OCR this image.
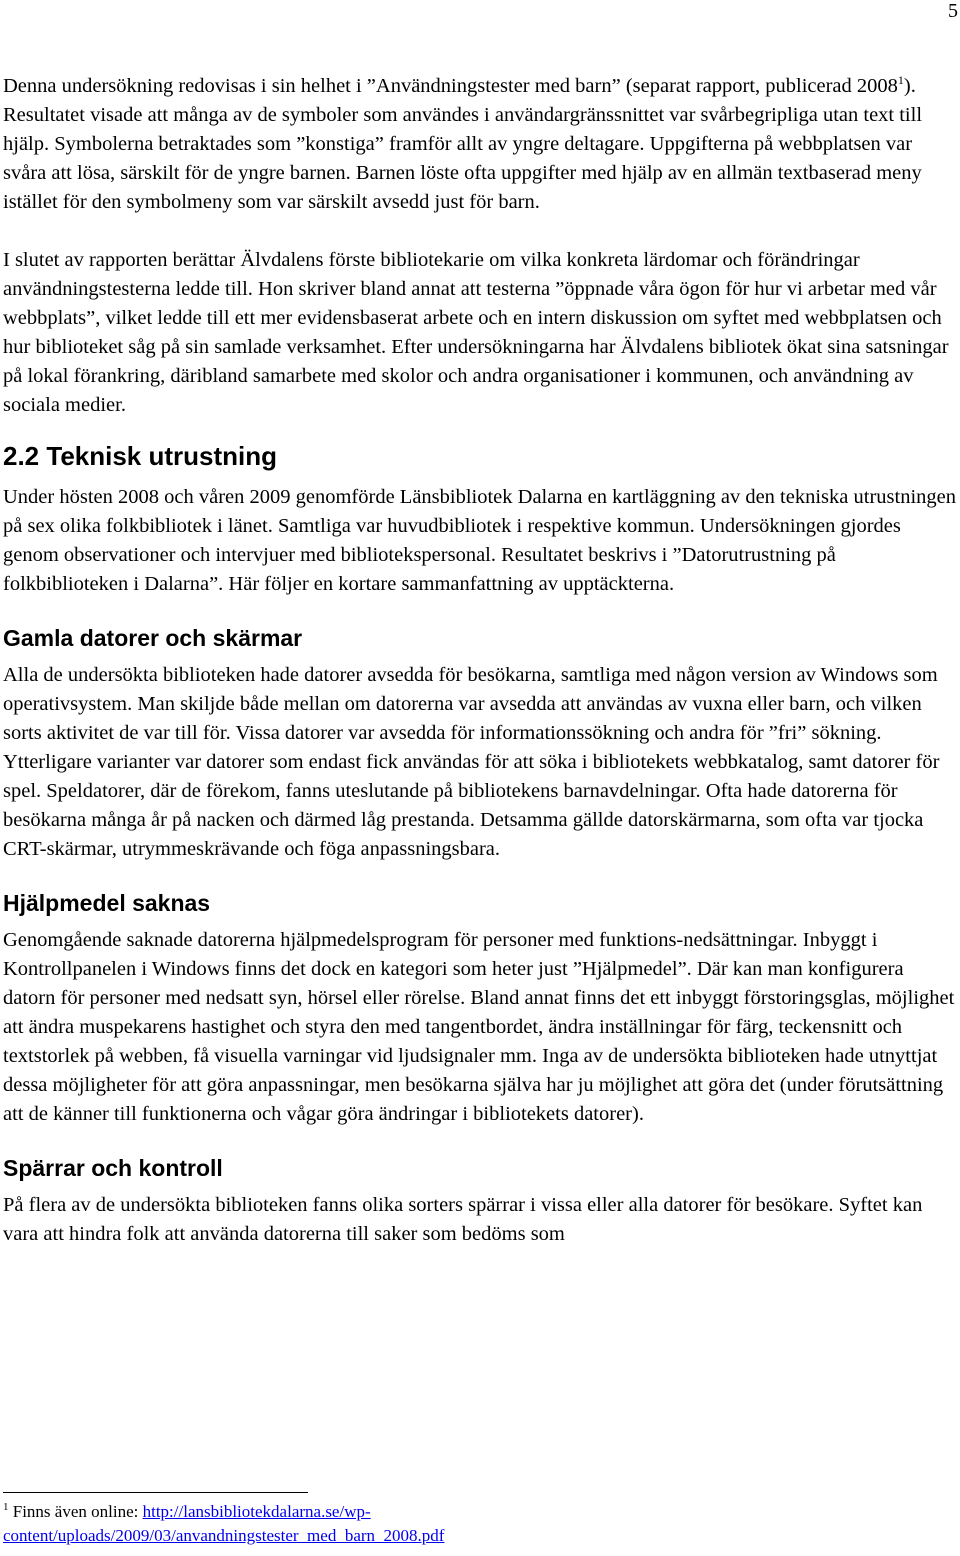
5

Denna undersökning redovisas i sin helhet i ”Användningstester med barn” (separat rapport, publicerad 2008$^1$). Resultatet visade att många av de symboler som användes i användargränssnittet var svårbegripliga utan text till hjälp. Symbolerna betraktades som ”konstiga” framför allt av yngre deltagare. Uppgifterna på webbplatsen var svåra att lösa, särskilt för de yngre barnen. Barnen löste ofta uppgifter med hjälp av en allmän textbaserad meny istället för den symbolmeny som var särskilt avsedd just för barn.

I slutet av rapporten berättar Älvdalens förste bibliotekarie om vilka konkreta lärdomar och förändringar användningstesterna ledde till. Hon skriver bland annat att testerna ”öppnade våra ögon för hur vi arbetar med vår webbplats”, vilket ledde till ett mer evidensbaserat arbete och en intern diskussion om syftet med webbplatsen och hur biblioteket såg på sin samlade verksamhet. Efter undersökningarna har Älvdalens bibliotek ökat sina satsningar på lokal förankring, däribland samarbete med skolor och andra organisationer i kommunen, och användning av sociala medier.

2.2 Teknisk utrustning

Under hösten 2008 och våren 2009 genomförde Länsbibliotek Dalarna en kartläggning av den tekniska utrustningen på sex olika folkbibliotek i länet. Samtliga var huvudbibliotek i respektive kommun. Undersökningen gjordes genom observationer och intervjuer med bibliotekspersonal. Resultatet beskrivs i ”Datorutrustning på folkbiblioteken i Dalarna”. Här följer en kortare sammanfattning av upptäckterna.

Gamla datorer och skärmar

Alla de undersökta biblioteken hade datorer avsedda för besökarna, samtliga med någon version av Windows som operativsystem. Man skiljde både mellan om datorerna var avsedda att användas av vuxna eller barn, och vilken sorts aktivitet de var till för. Vissa datorer var avsedda för informationssökning och andra för ”fri” sökning. Ytterligare varianter var datorer som endast fick användas för att söka i bibliotekets webbkatalog, samt datorer för spel. Speldatorer, där de förekom, fanns uteslutande på bibliotekens barnavdelningar. Ofta hade datorerna för besökarna många år på nacken och därmed låg prestanda. Detsamma gällde datorskärmarna, som ofta var tjocka CRT-skärmar, utrymmeskrävande och föga anpassningsbara.

Hjälpmedel saknas

Genomgående saknade datorerna hjälpmedelsprogram för personer med funktions-nedsättningar. Inbyggt i Kontrollpanelen i Windows finns det dock en kategori som heter just ”Hjälpmedel”. Där kan man konfigurera datorn för personer med nedsatt syn, hörsel eller rörelse. Bland annat finns det ett inbyggt förstoringsglas, möjlighet att ändra muspekarens hastighet och styra den med tangentbordet, ändra inställningar för färg, teckensnitt och textstorlek på webben, få visuella varningar vid ljudsignaler mm. Inga av de undersökta biblioteken hade utnyttjat dessa möjligheter för att göra anpassningar, men besökarna själva har ju möjlighet att göra det (under förutsättning att de känner till funktionerna och vågar göra ändringar i bibliotekets datorer).

Spärrar och kontroll

På flera av de undersökta biblioteken fanns olika sorters spärrar i vissa eller alla datorer för besökare. Syftet kan vara att hindra folk att använda datorerna till saker som bedöms som

$^1$ Finns även online: http://lansbibliotekdalarna.se/wp-content/uploads/2009/03/anvandningstester_med_barn_2008.pdf
